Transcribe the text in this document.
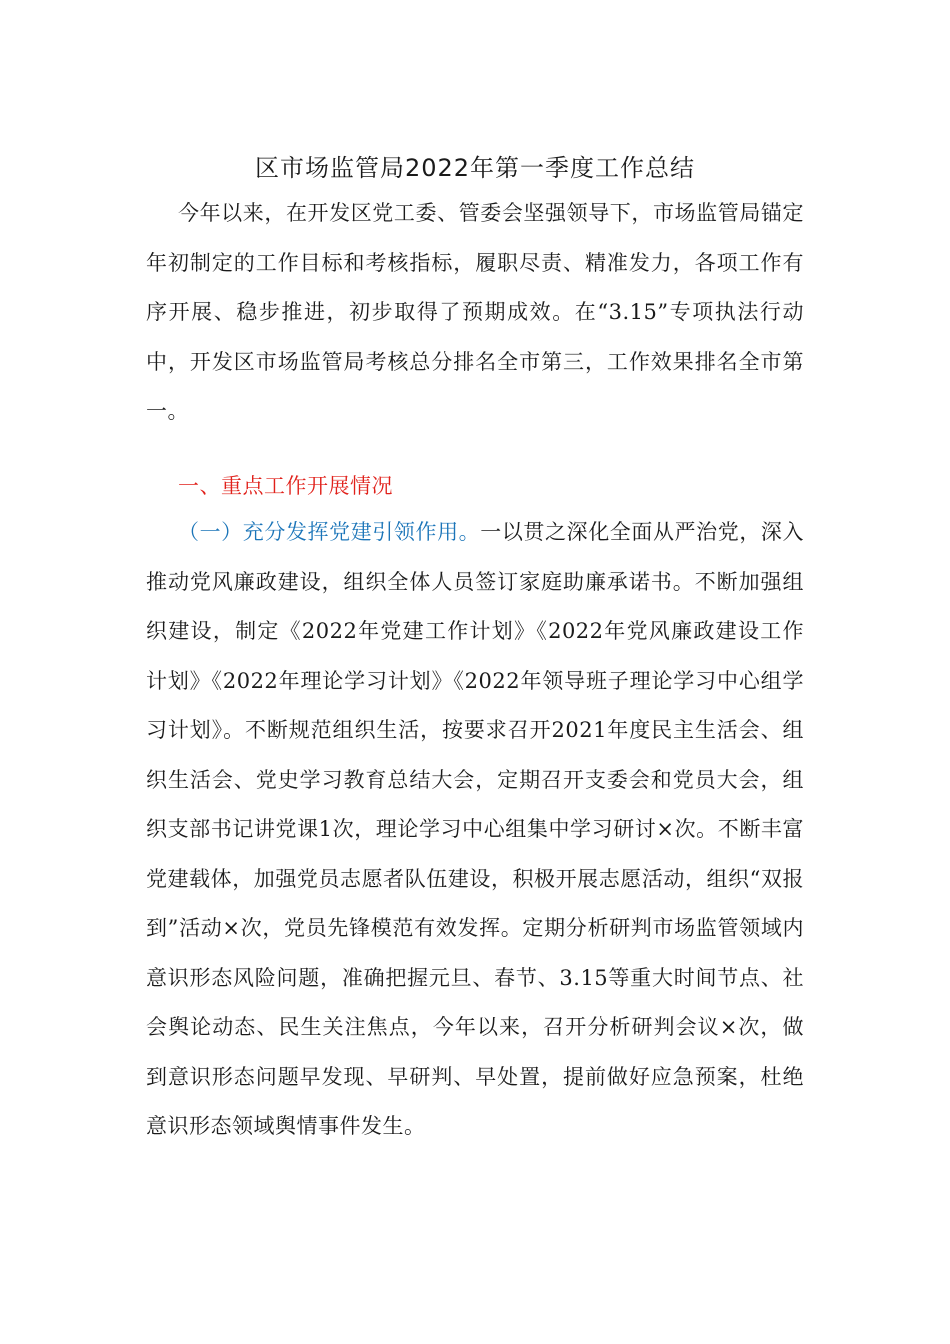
区市场监管局2022年第一季度工作总结

今年以来，在开发区党工委、管委会坚强领导下，市场监管局锚定年初制定的工作目标和考核指标，履职尽责、精准发力，各项工作有序开展、稳步推进，初步取得了预期成效。在“3.15”专项执法行动中，开发区市场监管局考核总分排名全市第三，工作效果排名全市第一。

一、重点工作开展情况

（一）充分发挥党建引领作用。一以贯之深化全面从严治党，深入推动党风廉政建设，组织全体人员签订家庭助廉承诺书。不断加强组织建设，制定《2022年党建工作计划》《2022年党风廉政建设工作计划》《2022年理论学习计划》《2022年领导班子理论学习中心组学习计划》。不断规范组织生活，按要求召开2021年度民主生活会、组织生活会、党史学习教育总结大会，定期召开支委会和党员大会，组织支部书记讲党课1次，理论学习中心组集中学习研讨×次。不断丰富党建载体，加强党员志愿者队伍建设，积极开展志愿活动，组织“双报到”活动×次，党员先锋模范有效发挥。定期分析研判市场监管领域内意识形态风险问题，准确把握元旦、春节、3.15等重大时间节点、社会舆论动态、民生关注焦点，今年以来，召开分析研判会议×次，做到意识形态问题早发现、早研判、早处置，提前做好应急预案，杜绝意识形态领域舆情事件发生。
